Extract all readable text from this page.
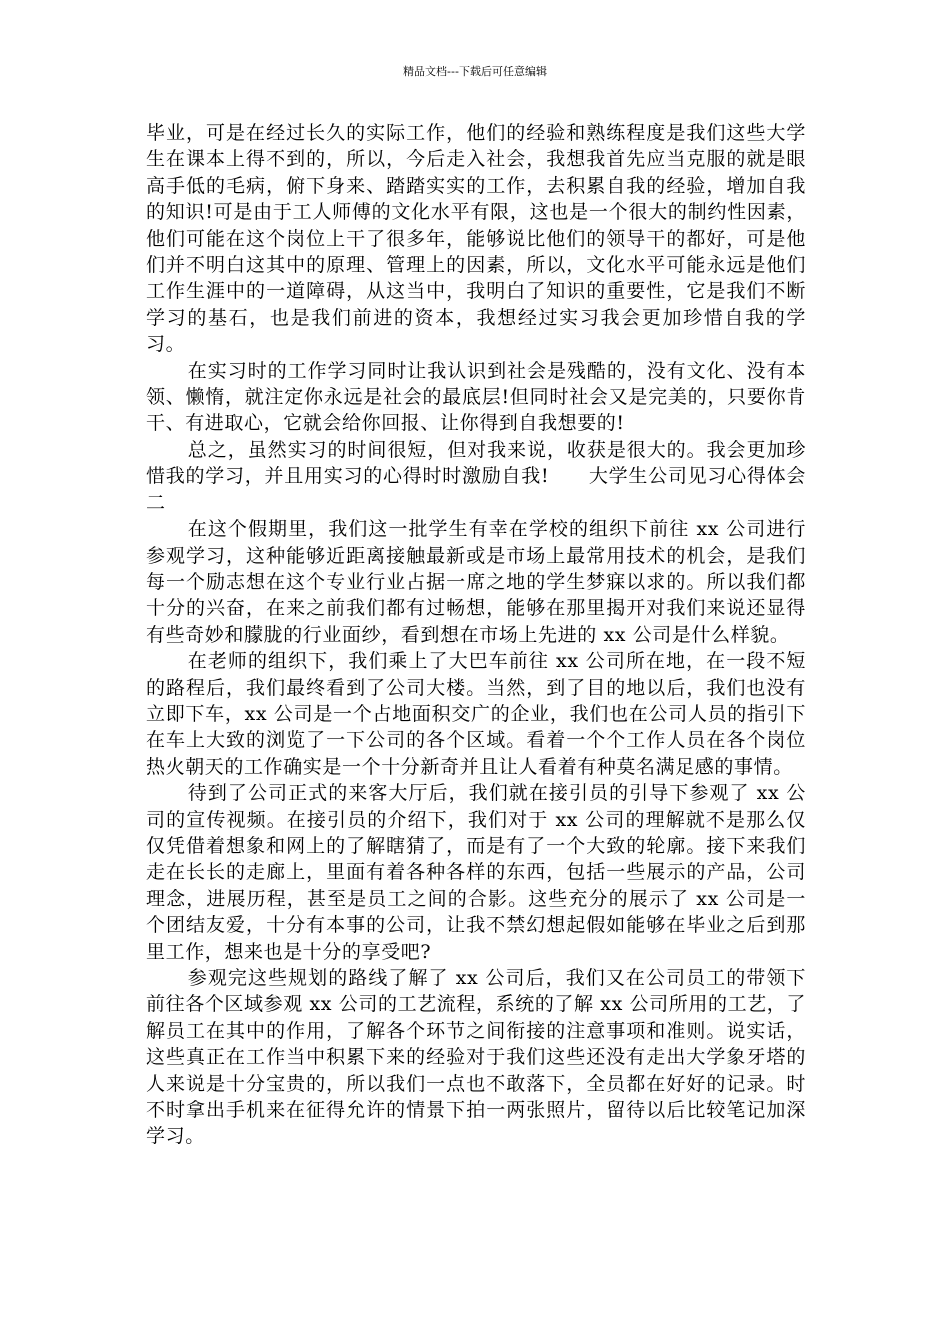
精品文档---下载后可任意编辑

毕业，可是在经过长久的实际工作，他们的经验和熟练程度是我们这些大学生在课本上得不到的，所以，今后走入社会，我想我首先应当克服的就是眼高手低的毛病，俯下身来、踏踏实实的工作，去积累自我的经验，增加自我的知识!可是由于工人师傅的文化水平有限，这也是一个很大的制约性因素，他们可能在这个岗位上干了很多年，能够说比他们的领导干的都好，可是他们并不明白这其中的原理、管理上的因素，所以，文化水平可能永远是他们工作生涯中的一道障碍，从这当中，我明白了知识的重要性，它是我们不断学习的基石，也是我们前进的资本，我想经过实习我会更加珍惜自我的学习。

在实习时的工作学习同时让我认识到社会是残酷的，没有文化、没有本领、懒惰，就注定你永远是社会的最底层!但同时社会又是完美的，只要你肯干、有进取心，它就会给你回报、让你得到自我想要的!

总之，虽然实习的时间很短，但对我来说，收获是很大的。我会更加珍惜我的学习，并且用实习的心得时时激励自我!　　大学生公司见习心得体会二

在这个假期里，我们这一批学生有幸在学校的组织下前往 xx 公司进行参观学习，这种能够近距离接触最新或是市场上最常用技术的机会，是我们每一个励志想在这个专业行业占据一席之地的学生梦寐以求的。所以我们都十分的兴奋，在来之前我们都有过畅想，能够在那里揭开对我们来说还显得有些奇妙和朦胧的行业面纱，看到想在市场上先进的 xx 公司是什么样貌。

在老师的组织下，我们乘上了大巴车前往 xx 公司所在地，在一段不短的路程后，我们最终看到了公司大楼。当然，到了目的地以后，我们也没有立即下车，xx 公司是一个占地面积交广的企业，我们也在公司人员的指引下在车上大致的浏览了一下公司的各个区域。看着一个个工作人员在各个岗位热火朝天的工作确实是一个十分新奇并且让人看着有种莫名满足感的事情。

待到了公司正式的来客大厅后，我们就在接引员的引导下参观了 xx 公司的宣传视频。在接引员的介绍下，我们对于 xx 公司的理解就不是那么仅仅凭借着想象和网上的了解瞎猜了，而是有了一个大致的轮廓。接下来我们走在长长的走廊上，里面有着各种各样的东西，包括一些展示的产品，公司理念，进展历程，甚至是员工之间的合影。这些充分的展示了 xx 公司是一个团结友爱，十分有本事的公司，让我不禁幻想起假如能够在毕业之后到那里工作，想来也是十分的享受吧?

参观完这些规划的路线了解了 xx 公司后，我们又在公司员工的带领下前往各个区域参观 xx 公司的工艺流程，系统的了解 xx 公司所用的工艺，了解员工在其中的作用，了解各个环节之间衔接的注意事项和准则。说实话，这些真正在工作当中积累下来的经验对于我们这些还没有走出大学象牙塔的人来说是十分宝贵的，所以我们一点也不敢落下，全员都在好好的记录。时不时拿出手机来在征得允许的情景下拍一两张照片，留待以后比较笔记加深学习。
